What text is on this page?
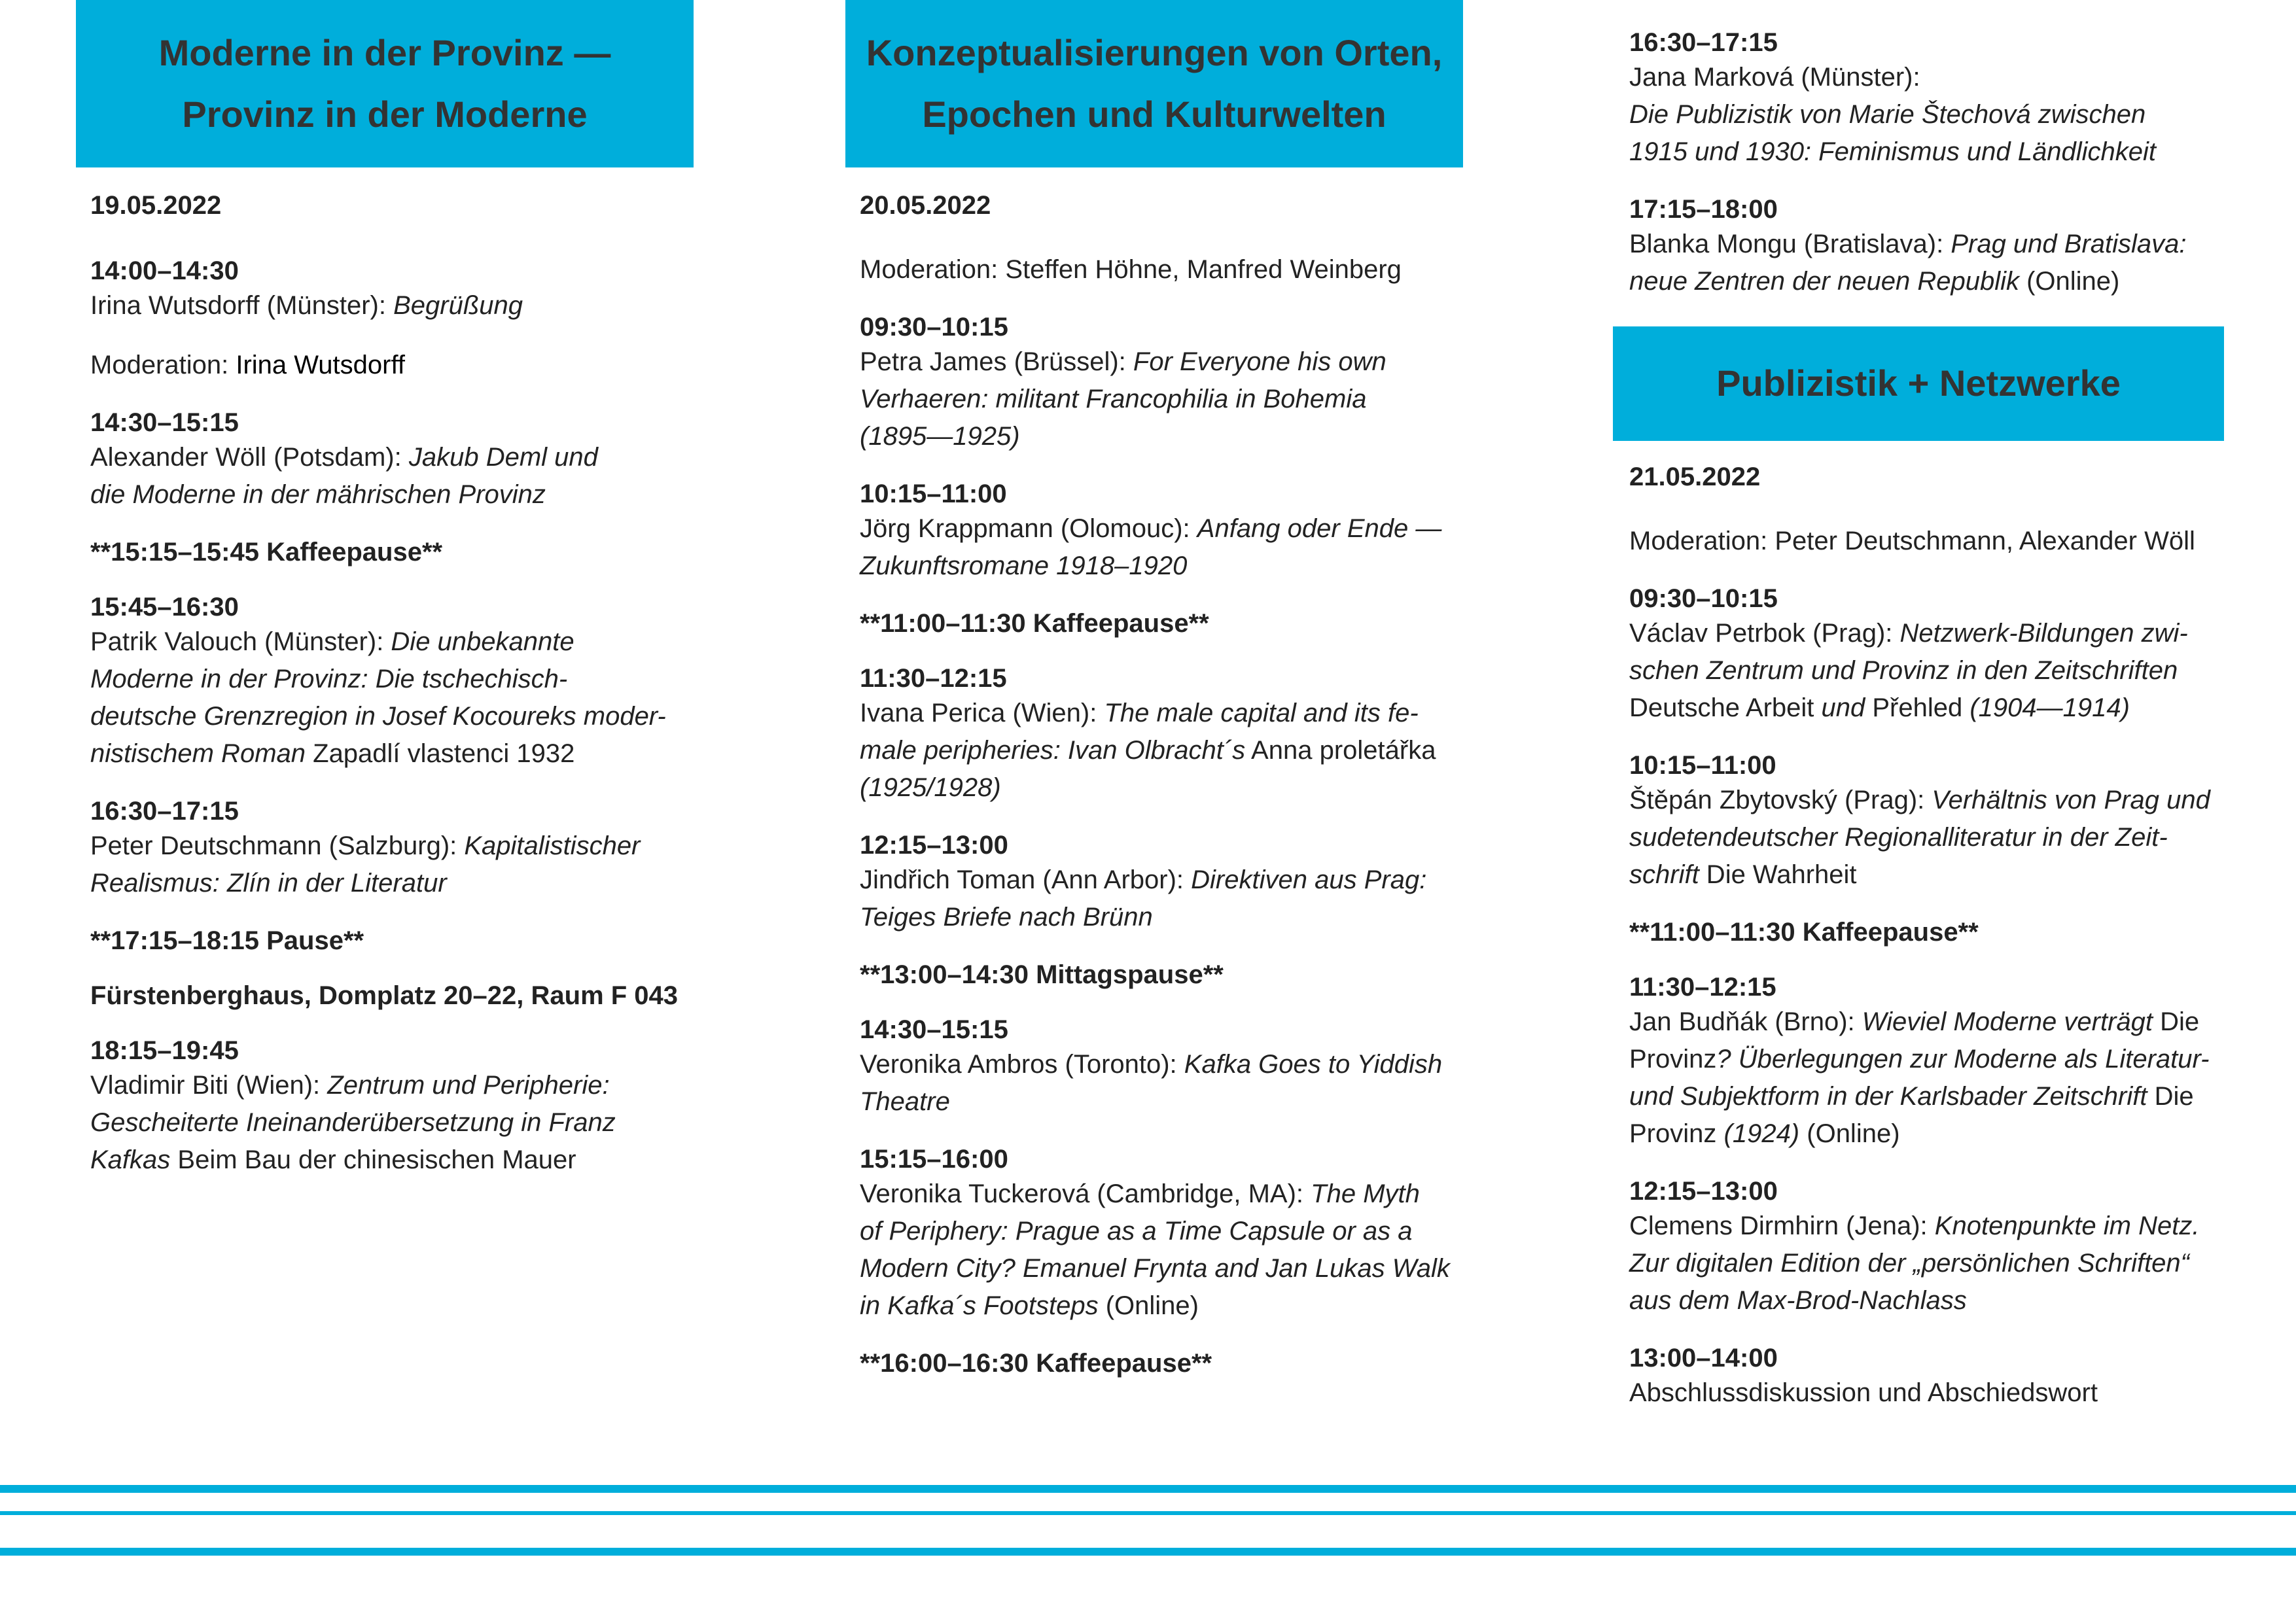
Moderne in der Provinz —
Provinz in der Moderne
19.05.2022
14:00–14:30
Irina Wutsdorff (Münster): Begrüßung
Moderation: Irina Wutsdorff
14:30–15:15
Alexander Wöll (Potsdam): Jakub Deml und
die Moderne in der mährischen Provinz
**15:15–15:45 Kaffeepause**
15:45–16:30
Patrik Valouch (Münster): Die unbekannte
Moderne in der Provinz: Die tschechisch-
deutsche Grenzregion in Josef Kocoureks moder-
nistischem Roman Zapadlí vlastenci 1932
16:30–17:15
Peter Deutschmann (Salzburg): Kapitalistischer
Realismus: Zlín in der Literatur
**17:15–18:15 Pause**
Fürstenberghaus, Domplatz 20–22, Raum F 043
18:15–19:45
Vladimir Biti (Wien): Zentrum und Peripherie:
Gescheiterte Ineinanderübersetzung in Franz
Kafkas Beim Bau der chinesischen Mauer
Konzeptualisierungen von Orten,
Epochen und Kulturwelten
20.05.2022
Moderation: Steffen Höhne, Manfred Weinberg
09:30–10:15
Petra James (Brüssel): For Everyone his own
Verhaeren: militant Francophilia in Bohemia
(1895—1925)
10:15–11:00
Jörg Krappmann (Olomouc): Anfang oder Ende —
Zukunftsromane 1918–1920
**11:00–11:30 Kaffeepause**
11:30–12:15
Ivana Perica (Wien): The male capital and its fe-
male peripheries: Ivan Olbracht´s Anna proletářka
(1925/1928)
12:15–13:00
Jindřich Toman (Ann Arbor): Direktiven aus Prag:
Teiges Briefe nach Brünn
**13:00–14:30 Mittagspause**
14:30–15:15
Veronika Ambros (Toronto): Kafka Goes to Yiddish
Theatre
15:15–16:00
Veronika Tuckerová (Cambridge, MA): The Myth
of Periphery: Prague as a Time Capsule or as a
Modern City? Emanuel Frynta and Jan Lukas Walk
in Kafka´s Footsteps (Online)
**16:00–16:30 Kaffeepause**
16:30–17:15
Jana Marková (Münster):
Die Publizistik von Marie Štechová zwischen
1915 und 1930: Feminismus und Ländlichkeit
17:15–18:00
Blanka Mongu (Bratislava): Prag und Bratislava:
neue Zentren der neuen Republik (Online)
Publizistik + Netzwerke
21.05.2022
Moderation: Peter Deutschmann, Alexander Wöll
09:30–10:15
Václav Petrbok (Prag): Netzwerk-Bildungen zwi-
schen Zentrum und Provinz in den Zeitschriften
Deutsche Arbeit und Přehled (1904—1914)
10:15–11:00
Štěpán Zbytovský (Prag): Verhältnis von Prag und
sudetendeutscher Regionalliteratur in der Zeit-
schrift Die Wahrheit
**11:00–11:30 Kaffeepause**
11:30–12:15
Jan Budňák (Brno): Wieviel Moderne verträgt Die
Provinz? Überlegungen zur Moderne als Literatur-
und Subjektform in der Karlsbader Zeitschrift Die
Provinz (1924) (Online)
12:15–13:00
Clemens Dirmhirn (Jena): Knotenpunkte im Netz.
Zur digitalen Edition der „persönlichen Schriften“
aus dem Max-Brod-Nachlass
13:00–14:00
Abschlussdiskussion und Abschiedswort
